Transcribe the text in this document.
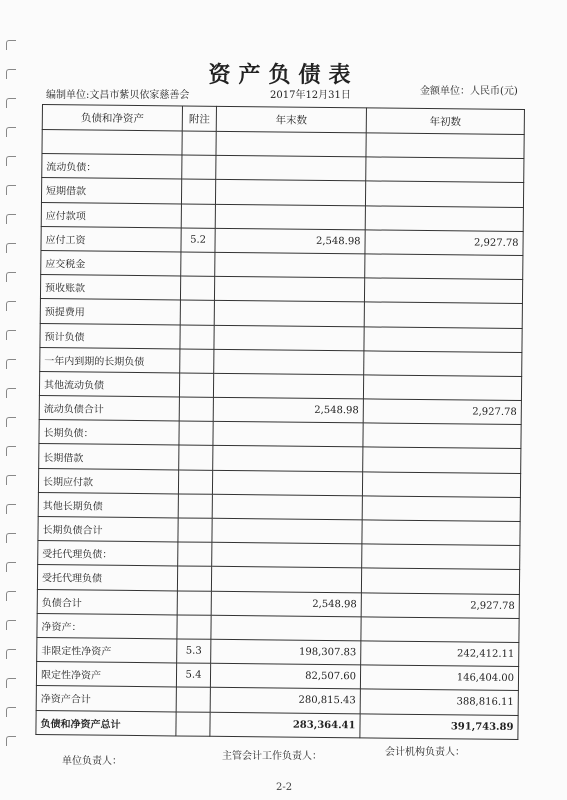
资产负债表
编制单位:文昌市紫贝依家慈善会	2017年12月31日	金额单位：人民币(元)
负债和净资产	附注	年末数	年初数

流动负债：			
短期借款			
应付款项			
应付工资	5.2	2,548.98	2,927.78
应交税金			
预收账款			
预提费用			
预计负债			
一年内到期的长期负债			
其他流动负债			
流动负债合计		2,548.98	2,927.78
长期负债：			
长期借款			
长期应付款			
其他长期负债			
长期负债合计			
受托代理负债：			
受托代理负债			
负债合计		2,548.98	2,927.78
净资产：			
非限定性净资产	5.3	198,307.83	242,412.11
限定性净资产	5.4	82,507.60	146,404.00
净资产合计		280,815.43	388,816.11
负债和净资产总计		283,364.41	391,743.89
单位负责人：	主管会计工作负责人：	会计机构负责人：
2-2
